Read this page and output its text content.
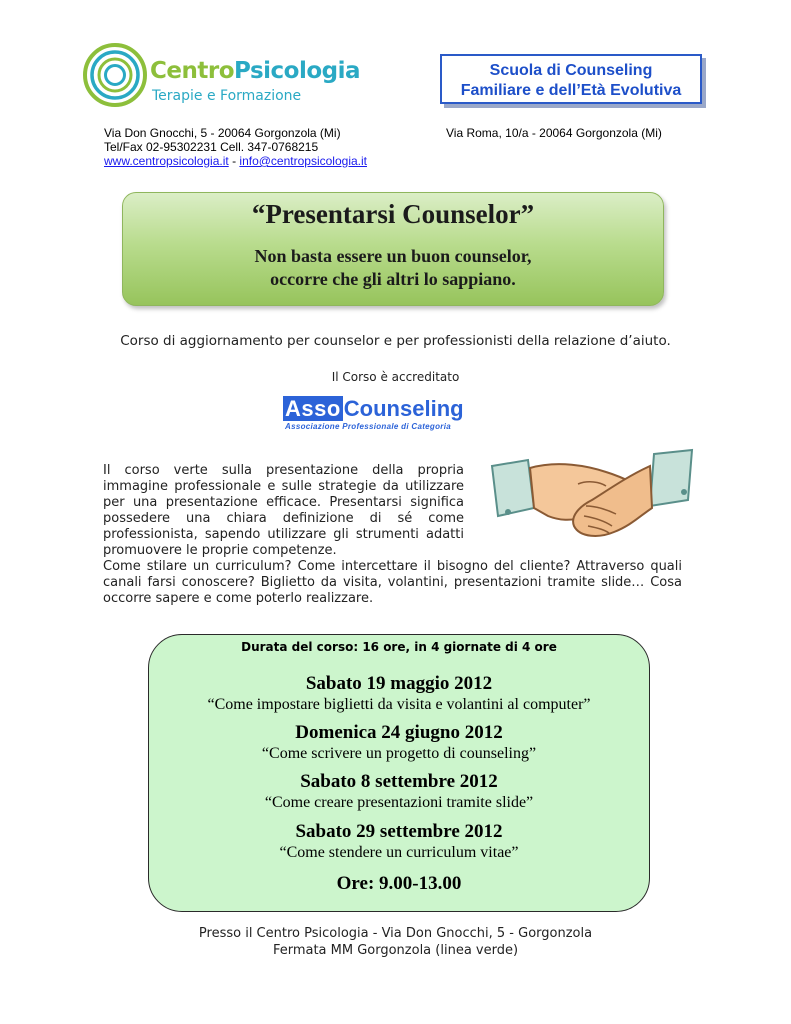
CentroPsicologia
Terapie e Formazione
Scuola di Counseling
Familiare e dell’Età Evolutiva
Via Don Gnocchi, 5 - 20064 Gorgonzola (Mi)
Tel/Fax 02-95302231 Cell. 347-0768215
www.centropsicologia.it - info@centropsicologia.it
Via Roma, 10/a - 20064 Gorgonzola (Mi)
“Presentarsi Counselor”
Non basta essere un buon counselor,
occorre che gli altri lo sappiano.
Corso di aggiornamento per counselor e per professionisti della relazione d’aiuto.
Il Corso è accreditato
Asso Counseling
Associazione Professionale di Categoria
Il corso verte sulla presentazione della propria
immagine professionale e sulle strategie da utilizzare
per una presentazione efficace. Presentarsi significa
possedere una chiara definizione di sé come
professionista, sapendo utilizzare gli strumenti adatti
promuovere le proprie competenze.
Come stilare un curriculum? Come intercettare il bisogno del cliente? Attraverso quali
canali farsi conoscere? Biglietto da visita, volantini, presentazioni tramite slide… Cosa
occorre sapere e come poterlo realizzare.
Durata del corso: 16 ore, in 4 giornate di 4 ore
Sabato 19 maggio 2012
“Come impostare biglietti da visita e volantini al computer”
Domenica 24 giugno 2012
“Come scrivere un progetto di counseling”
Sabato 8 settembre 2012
“Come creare presentazioni tramite slide”
Sabato 29 settembre 2012
“Come stendere un curriculum vitae”
Ore: 9.00-13.00
Presso il Centro Psicologia - Via Don Gnocchi, 5 - Gorgonzola
Fermata MM Gorgonzola (linea verde)
